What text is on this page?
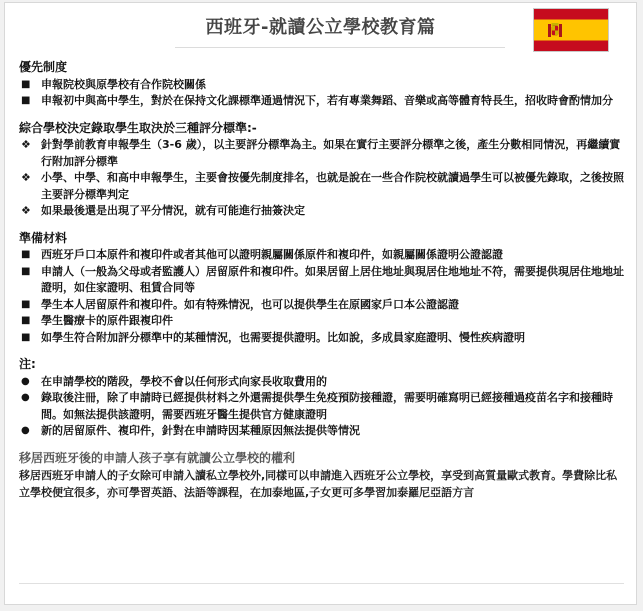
西班牙-就讀公立學校教育篇
優先制度
■ 申報院校與原學校有合作院校關係
■ 申報初中與高中學生，對於在保持文化課標準通過情況下，若有專業舞蹈、音樂或高等體育特長生，招收時會酌情加分
綜合學校決定錄取學生取決於三種評分標準:-
❖ 針對學前教育申報學生（3-6 歲），以主要評分標準為主。如果在實行主要評分標準之後，產生分數相同情況，再繼續實行附加評分標準
❖ 小學、中學、和高中申報學生，主要會按優先制度排名，也就是說在一些合作院校就讀過學生可以被優先錄取，之後按照主要評分標準判定
❖ 如果最後還是出現了平分情況，就有可能進行抽簽決定
準備材料
■ 西班牙戶口本原件和複印件或者其他可以證明親屬關係原件和複印件，如親屬關係證明公證認證
■ 申請人（一般為父母或者監護人）居留原件和複印件。如果居留上居住地址與現居住地地址不符，需要提供現居住地地址證明，如住家證明、租賃合同等
■ 學生本人居留原件和複印件。如有特殊情況，也可以提供學生在原國家戶口本公證認證
■ 學生醫療卡的原件跟複印件
■ 如學生符合附加評分標準中的某種情況，也需要提供證明。比如說，多成員家庭證明、慢性疾病證明
注:
●	在申請學校的階段，學校不會以任何形式向家長收取費用的
●	錄取後注冊，除了申請時已經提供材料之外還需提供學生免疫預防接種證，需要明確寫明已經接種過疫苗名字和接種時間。如無法提供該證明，需要西班牙醫生提供官方健康證明
●	新的居留原件、複印件，針對在申請時因某種原因無法提供等情況
移居西班牙後的申請人孩子享有就讀公立學校的權利
移居西班牙申請人的子女除可申請入讀私立學校外,同樣可以申請進入西班牙公立學校，享受到高質量歐式教育。學費除比私立學校便宜很多，亦可學習英語、法語等課程，在加泰地區,子女更可多學習加泰羅尼亞語方言
